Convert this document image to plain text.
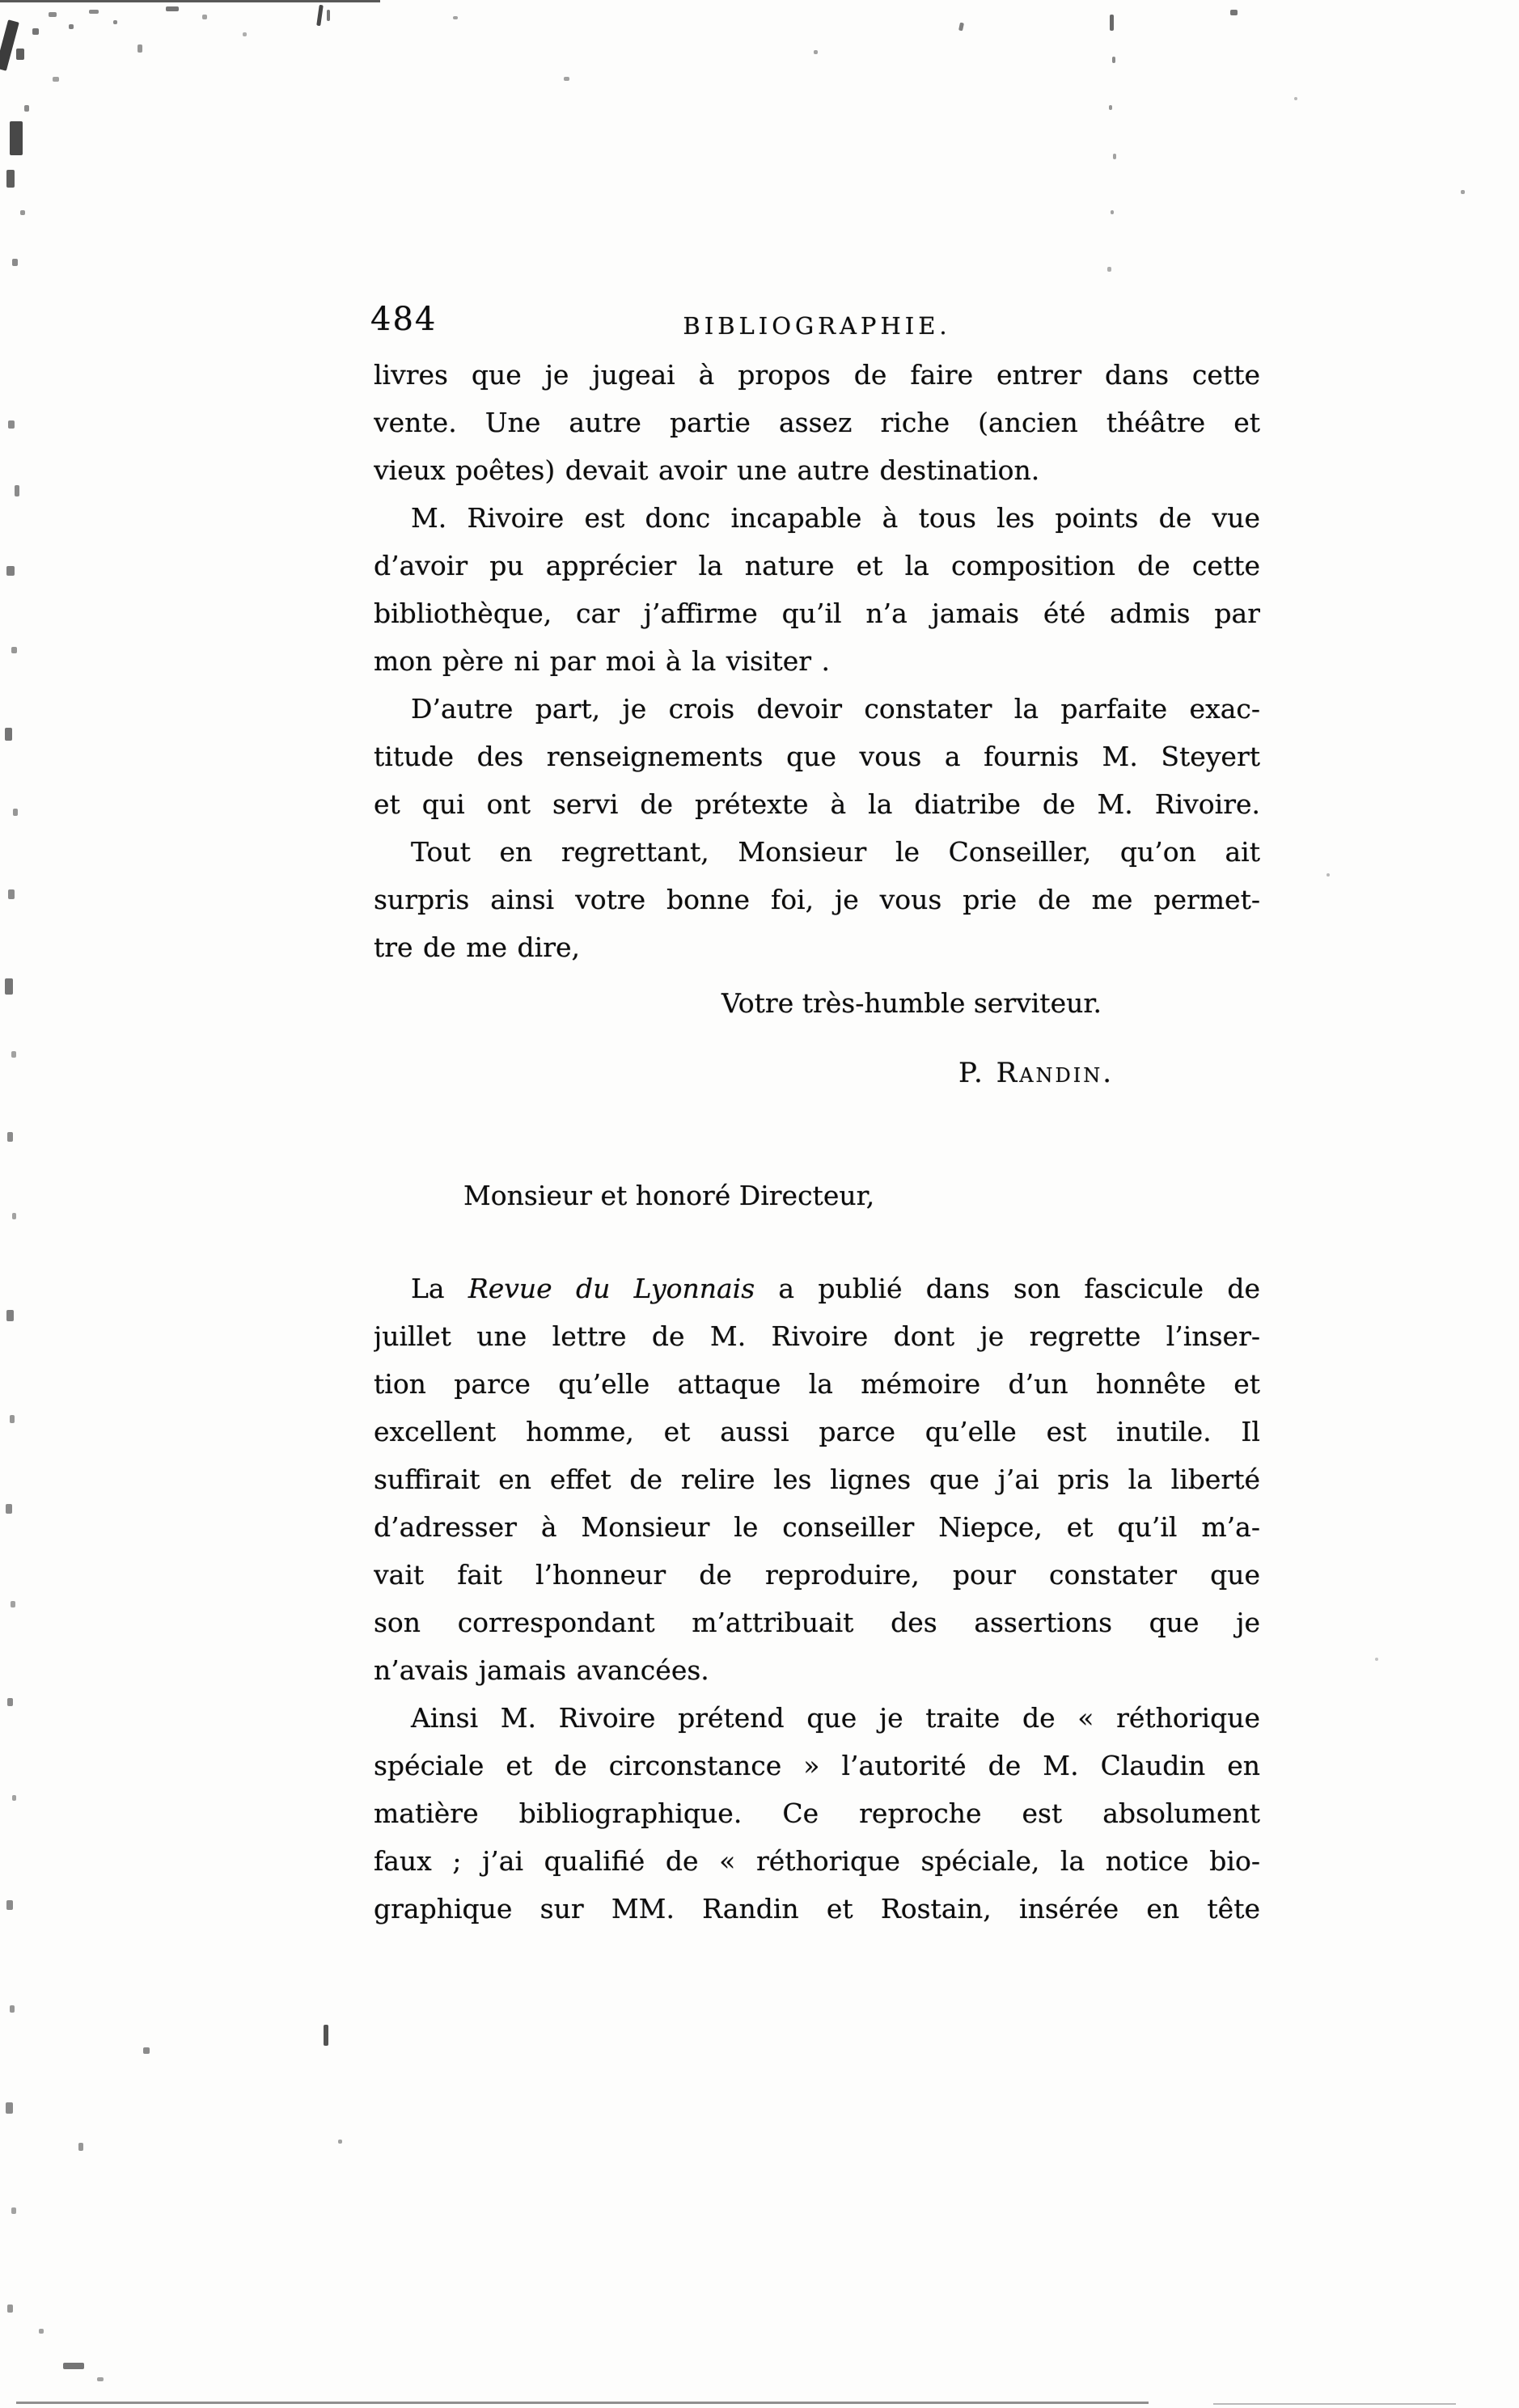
484	BIBLIOGRAPHIE.
livres que je jugeai à propos de faire entrer dans cette
vente. Une autre partie assez riche (ancien théâtre et
vieux poêtes) devait avoir une autre destination.
M. Rivoire est donc incapable à tous les points de vue
d’avoir pu apprécier la nature et la composition de cette
bibliothèque, car j’affirme qu’il n’a jamais été admis par
mon père ni par moi à la visiter .
D’autre part, je crois devoir constater la parfaite exac-
titude des renseignements que vous a fournis M. Steyert
et qui ont servi de prétexte à la diatribe de M. Rivoire.
Tout en regrettant, Monsieur le Conseiller, qu’on ait
surpris ainsi votre bonne foi, je vous prie de me permet-
tre de me dire,
Votre très-humble serviteur.
P. Randin.
Monsieur et honoré Directeur,
La Revue du Lyonnais a publié dans son fascicule de
juillet une lettre de M. Rivoire dont je regrette l’inser-
tion parce qu’elle attaque la mémoire d’un honnête et
excellent homme, et aussi parce qu’elle est inutile. Il
suffirait en effet de relire les lignes que j’ai pris la liberté
d’adresser à Monsieur le conseiller Niepce, et qu’il m’a-
vait fait l’honneur de reproduire, pour constater que
son correspondant m’attribuait des assertions que je
n’avais jamais avancées.
Ainsi M. Rivoire prétend que je traite de « réthorique
spéciale et de circonstance » l’autorité de M. Claudin en
matière bibliographique. Ce reproche est absolument
faux ; j’ai qualifié de « réthorique spéciale, la notice bio-
graphique sur MM. Randin et Rostain, insérée en tête
